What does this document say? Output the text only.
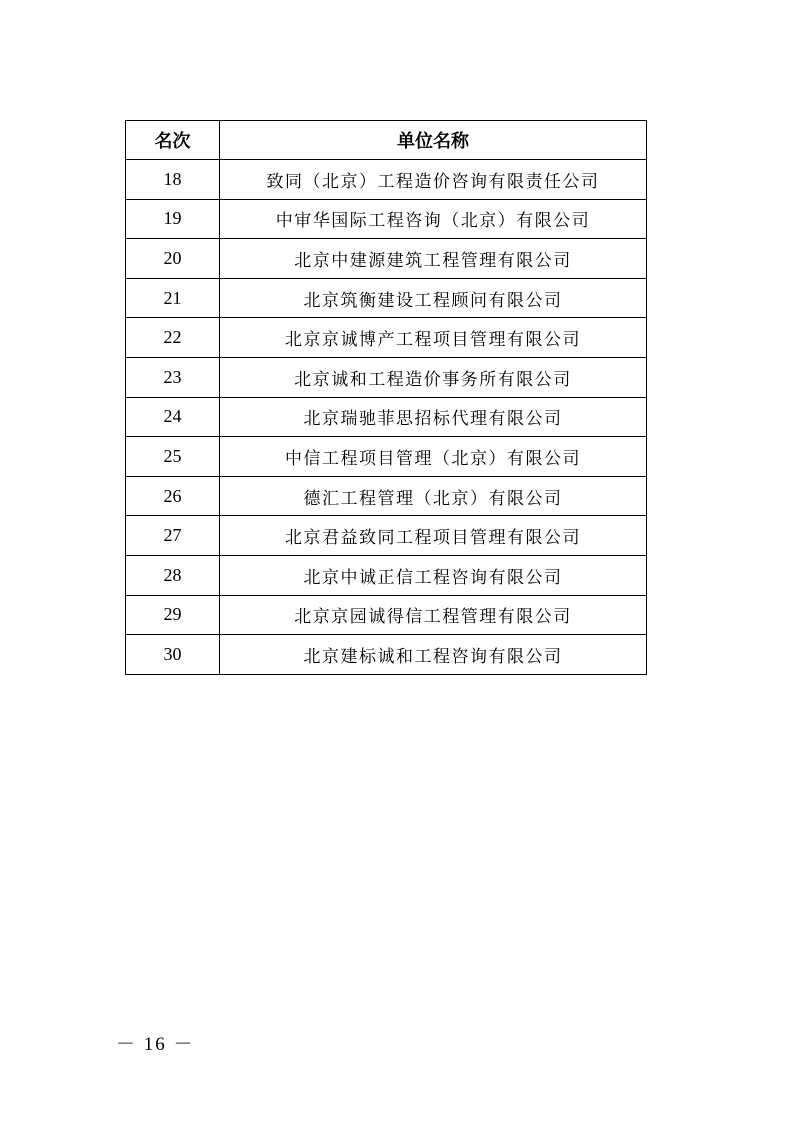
名次	单位名称
18	致同（北京）工程造价咨询有限责任公司
19	中审华国际工程咨询（北京）有限公司
20	北京中建源建筑工程管理有限公司
21	北京筑衡建设工程顾问有限公司
22	北京京诚博产工程项目管理有限公司
23	北京诚和工程造价事务所有限公司
24	北京瑞驰菲思招标代理有限公司
25	中信工程项目管理（北京）有限公司
26	德汇工程管理（北京）有限公司
27	北京君益致同工程项目管理有限公司
28	北京中诚正信工程咨询有限公司
29	北京京园诚得信工程管理有限公司
30	北京建标诚和工程咨询有限公司
－ 16 －
